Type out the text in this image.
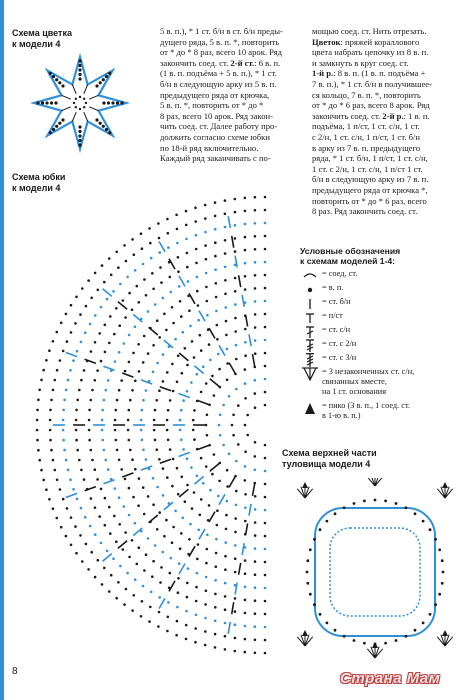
Схема цветка
к модели 4
Схема юбки
к модели 4

5 в. п.), * 1 ст. б/н в ст. б/н преды-

дущего ряда, 5 в. п. *, повторить

от * до * 8 раз, всего 10 арок. Ряд

закончить соед. ст. 2-й ст.: 6 в. п.

(1 в. п. подъёма + 5 в. п.), * 1 ст.

б/н в следующую арку из 5 в. п.

предыдущего ряда от крючка,

5 в. п. *, повторить от * до *

8 раз, всего 10 арок. Ряд закон-

чить соед. ст. Далее работу про-

должить согласно схеме юбки

по 18-й ряд включительно.

Каждый ряд заканчивать с по-

мощью соед. ст. Нить отрезать.

Цветок: пряжей кораллового

цвета набрать цепочку из 8 в. п.

и замкнуть в круг соед. ст.

1-й р.: 8 в. п. (1 в. п. подъёма +

7 в. п.), * 1 ст. б/н в получившее-

ся кольцо, 7 в. п. *, повторить

от * до * 6 раз, всего 8 арок. Ряд

закончить соед. ст. 2-й р.: 1 в. п.

подъёма, 1 п/ст, 1 ст. с/н, 1 ст.

с 2/н, 1 ст. с/н, 1 п/ст, 1 ст. б/н

в арку из 7 в. п. предыдущего

ряда, * 1 ст. б/н, 1 п/ст, 1 ст. с/н,

1 ст. с 2/н, 1 ст. с/н, 1 п/ст 1 ст.

б/н в следующую арку из 7 в. п.

предыдущего ряда от крючка *,

повторить от * до * 6 раз, всего

8 раз. Ряд закончить соед. ст.

Условные обозначения
к схемам моделей 1-4:
= соед. ст.
= в. п.
= ст. б/н
= п/ст
= ст. с/н
= ст. с 2/н
= ст. с 3/н
= 3 незаконченных ст. с/н,
связанных вместе,
на 1 ст. основания
= пико (3 в. п., 1 соед. ст.
в 1-ю в. п.)
Схема верхней части
туловища модели 4
8	Страна Мам
